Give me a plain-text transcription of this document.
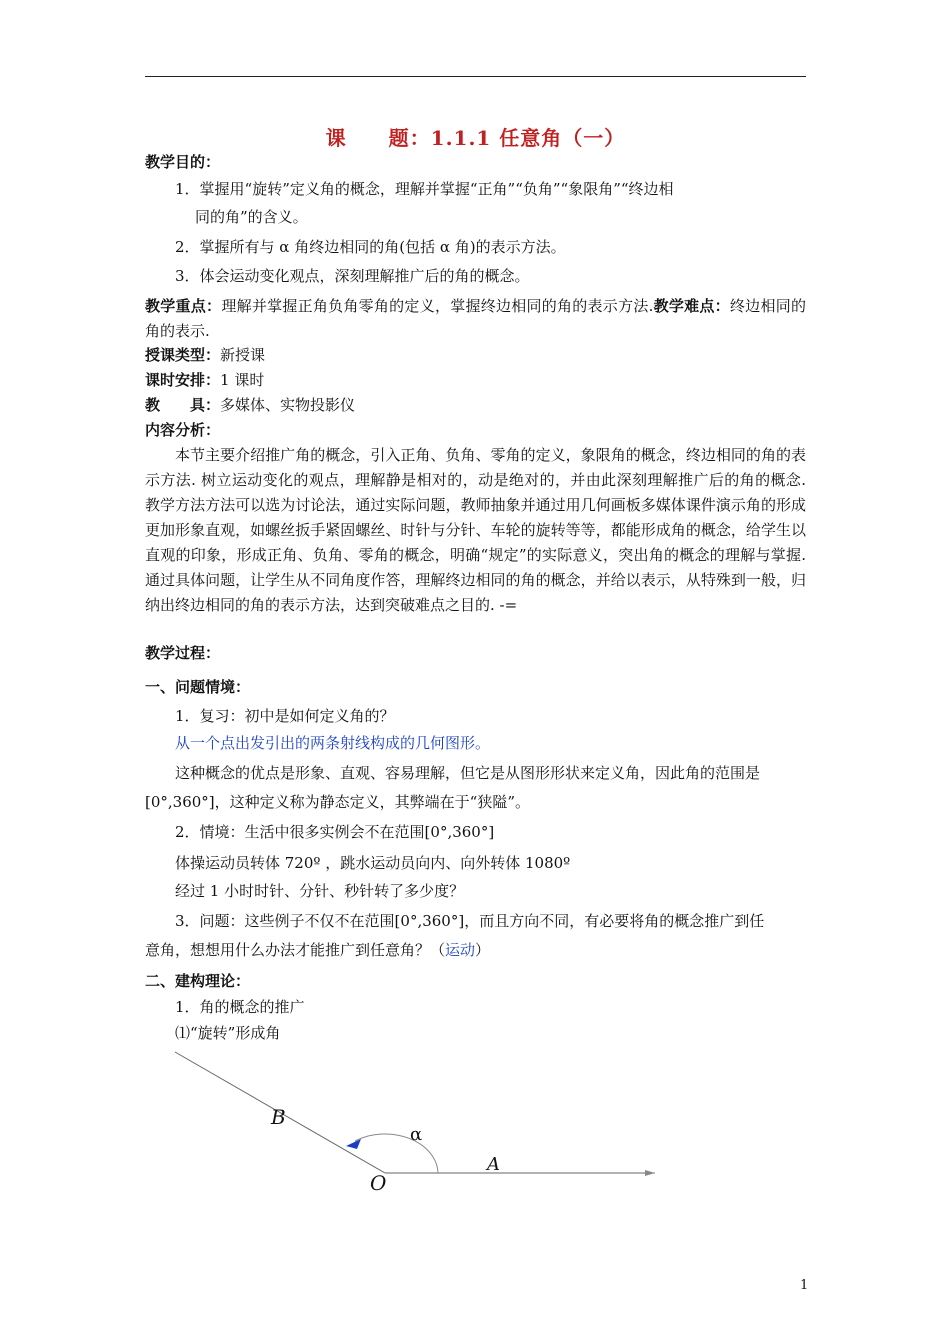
课　　题：1.1.1 任意角（一）
教学目的：
1．掌握用“旋转”定义角的概念，理解并掌握“正角”“负角”“象限角”“终边相
同的角”的含义。
2．掌握所有与 α 角终边相同的角(包括 α 角)的表示方法。
3．体会运动变化观点，深刻理解推广后的角的概念。
教学重点：理解并掌握正角负角零角的定义，掌握终边相同的角的表示方法.教学难点：终边相同的角的表示.
授课类型：新授课
课时安排：1 课时
教　　具：多媒体、实物投影仪
内容分析：
本节主要介绍推广角的概念，引入正角、负角、零角的定义，象限角的概念，终边相同的角的表示方法. 树立运动变化的观点，理解静是相对的，动是绝对的，并由此深刻理解推广后的角的概念. 教学方法方法可以选为讨论法，通过实际问题，教师抽象并通过用几何画板多媒体课件演示角的形成更加形象直观，如螺丝扳手紧固螺丝、时针与分针、车轮的旋转等等，都能形成角的概念，给学生以直观的印象，形成正角、负角、零角的概念，明确“规定”的实际意义，突出角的概念的理解与掌握. 通过具体问题，让学生从不同角度作答，理解终边相同的角的概念，并给以表示，从特殊到一般，归纳出终边相同的角的表示方法，达到突破难点之目的. -=
教学过程：
一、问题情境：
1．复习：初中是如何定义角的？
从一个点出发引出的两条射线构成的几何图形。
这种概念的优点是形象、直观、容易理解，但它是从图形形状来定义角，因此角的范围是
[0°,360°]，这种定义称为静态定义，其弊端在于“狭隘”。
2．情境：生活中很多实例会不在范围[0°,360°]
体操运动员转体 720º ，跳水运动员向内、向外转体 1080º
经过 1 小时时针、分针、秒针转了多少度？
3．问题：这些例子不仅不在范围[0°,360°]，而且方向不同，有必要将角的概念推广到任
意角，想想用什么办法才能推广到任意角？（运动）
二、建构理论：
1．角的概念的推广
⑴“旋转”形成角
B
α
A
O
1
